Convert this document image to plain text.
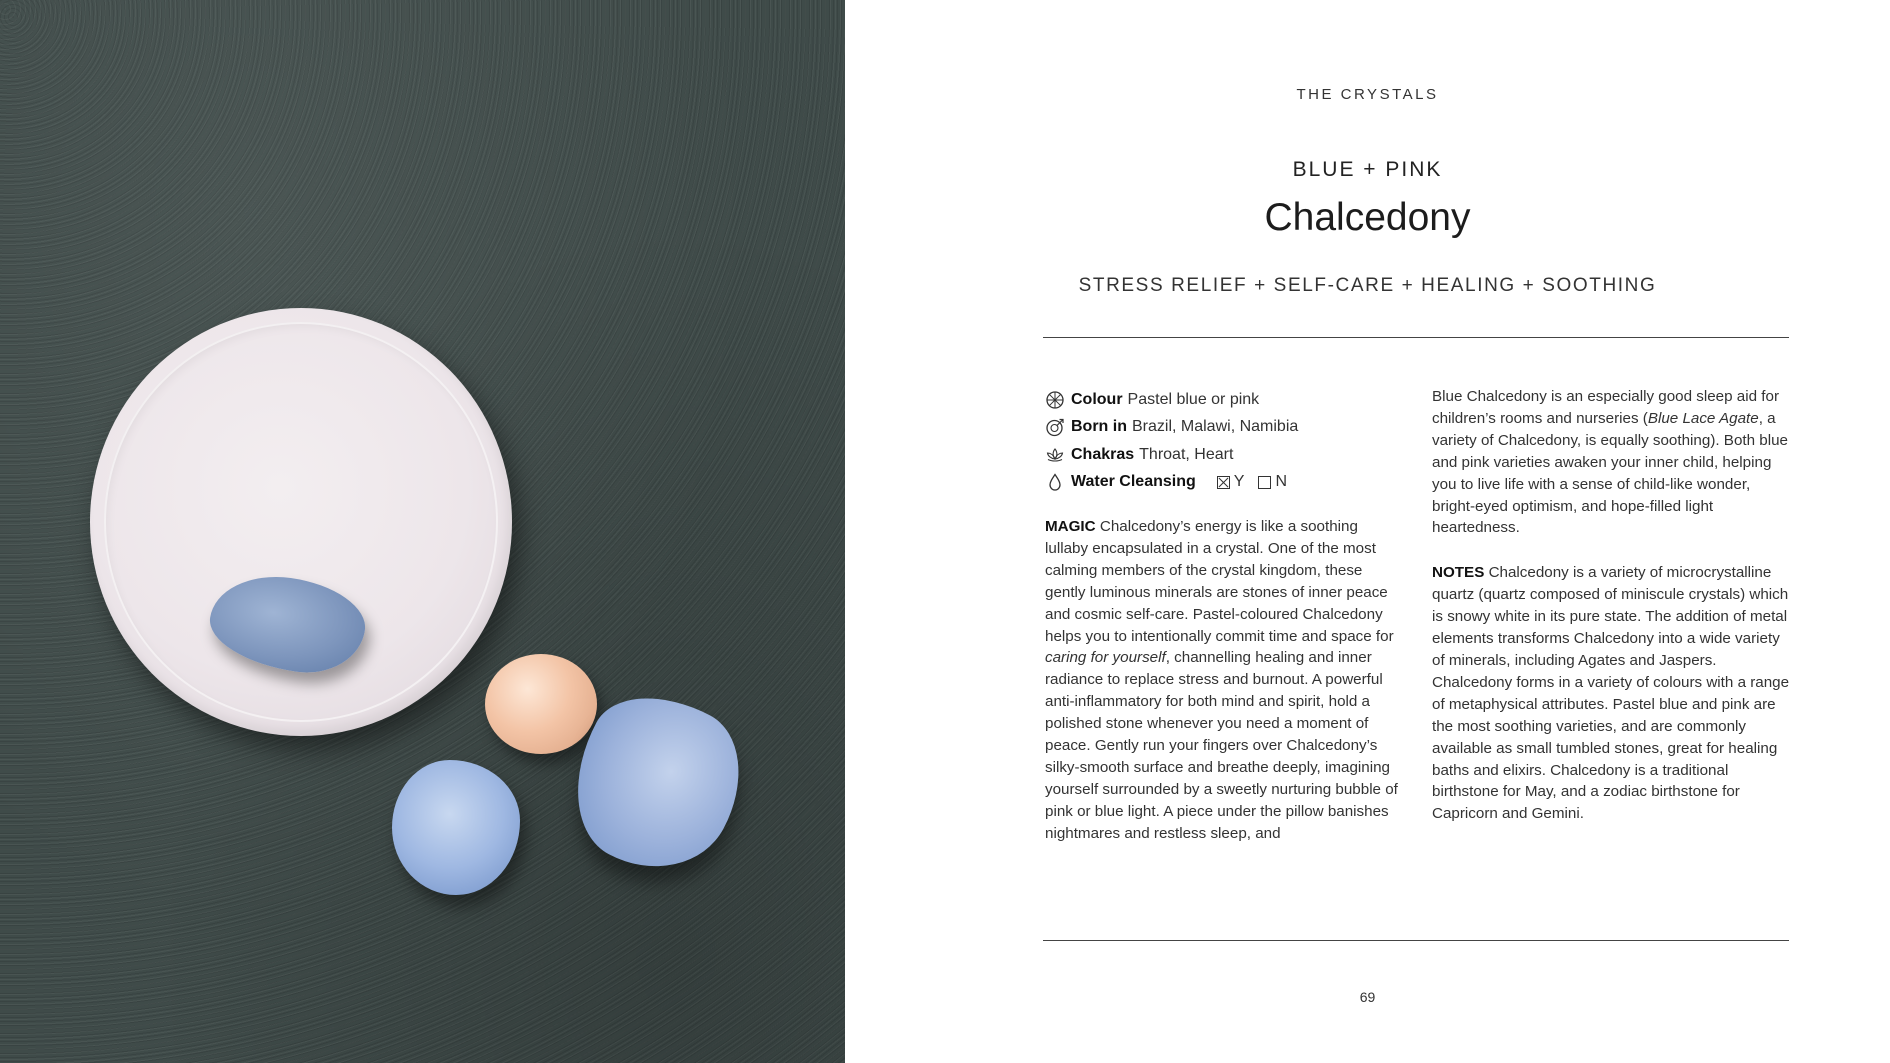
THE CRYSTALS
BLUE + PINK
Chalcedony
STRESS RELIEF + SELF-CARE + HEALING + SOOTHING
Colour Pastel blue or pink
Born in Brazil, Malawi, Namibia
Chakras Throat, Heart
Water Cleansing Y N

MAGIC Chalcedony’s energy is like a soothing lullaby encapsulated in a crystal. One of the most calming members of the crystal kingdom, these gently luminous minerals are stones of inner peace and cosmic self-care. Pastel-coloured Chalcedony helps you to intentionally commit time and space for caring for yourself, channelling healing and inner radiance to replace stress and burnout. A powerful anti-inflammatory for both mind and spirit, hold a polished stone whenever you need a moment of peace. Gently run your fingers over Chalcedony’s silky-smooth surface and breathe deeply, imagining yourself surrounded by a sweetly nurturing bubble of pink or blue light. A piece under the pillow banishes nightmares and restless sleep, and

Blue Chalcedony is an especially good sleep aid for children’s rooms and nurseries (Blue Lace Agate, a variety of Chalcedony, is equally soothing). Both blue and pink varieties awaken your inner child, helping you to live life with a sense of child-like wonder, bright-eyed optimism, and hope-filled light heartedness.

NOTES Chalcedony is a variety of microcrystalline quartz (quartz composed of miniscule crystals) which is snowy white in its pure state. The addition of metal elements transforms Chalcedony into a wide variety of minerals, including Agates and Jaspers. Chalcedony forms in a variety of colours with a range of metaphysical attributes. Pastel blue and pink are the most soothing varieties, and are commonly available as small tumbled stones, great for healing baths and elixirs. Chalcedony is a traditional birthstone for May, and a zodiac birthstone for Capricorn and Gemini.

69
